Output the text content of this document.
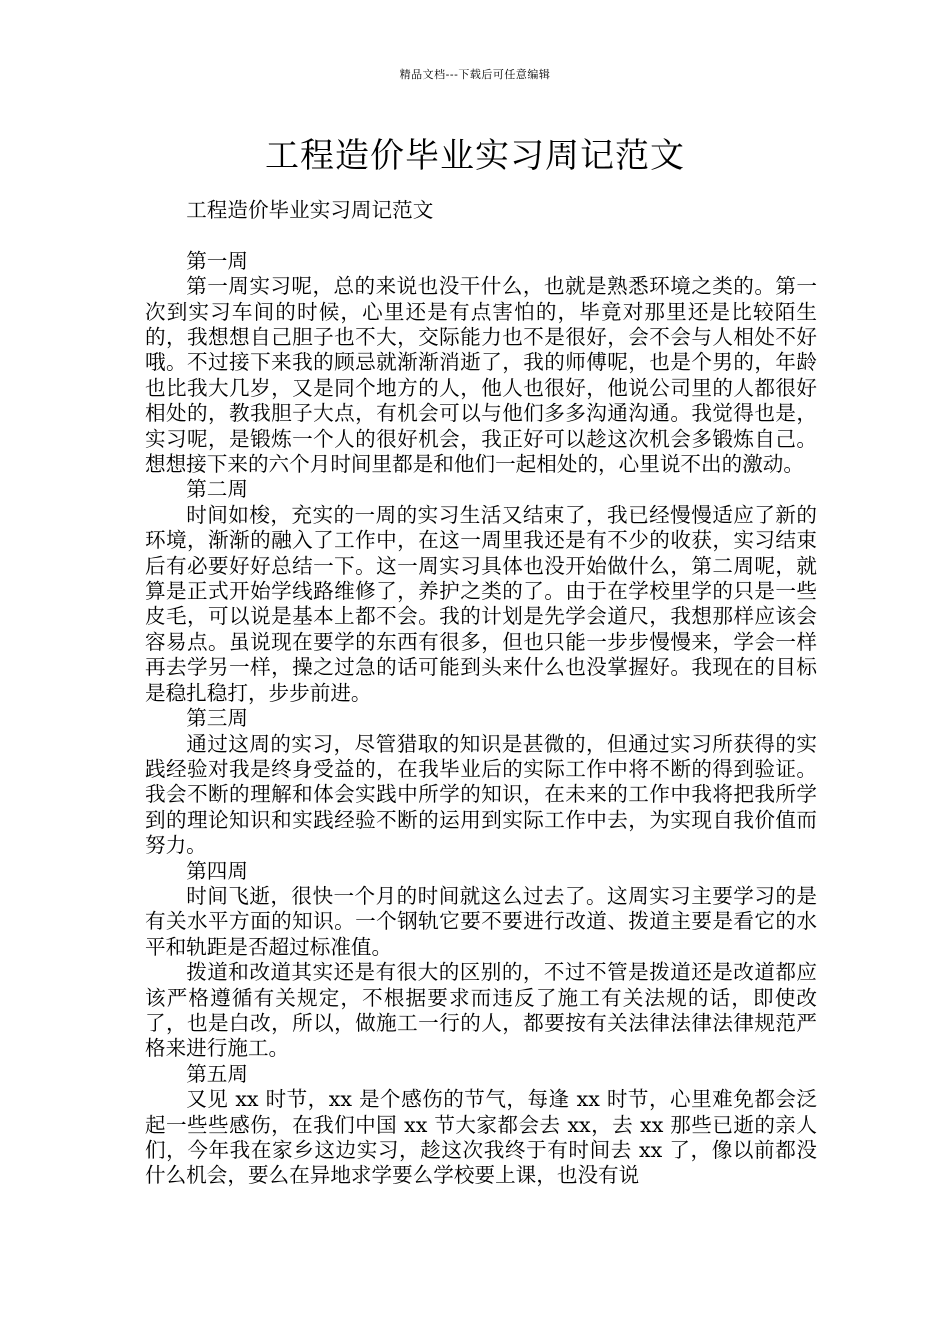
精品文档---下载后可任意编辑
工程造价毕业实习周记范文

工程造价毕业实习周记范文

第一周

第一周实习呢，总的来说也没干什么，也就是熟悉环境之类的。第一次到实习车间的时候，心里还是有点害怕的，毕竟对那里还是比较陌生的，我想想自己胆子也不大，交际能力也不是很好，会不会与人相处不好哦。不过接下来我的顾忌就渐渐消逝了，我的师傅呢，也是个男的，年龄也比我大几岁，又是同个地方的人，他人也很好，他说公司里的人都很好相处的，教我胆子大点，有机会可以与他们多多沟通沟通。我觉得也是，实习呢，是锻炼一个人的很好机会，我正好可以趁这次机会多锻炼自己。想想接下来的六个月时间里都是和他们一起相处的，心里说不出的激动。

第二周

时间如梭，充实的一周的实习生活又结束了，我已经慢慢适应了新的环境，渐渐的融入了工作中，在这一周里我还是有不少的收获，实习结束后有必要好好总结一下。这一周实习具体也没开始做什么，第二周呢，就算是正式开始学线路维修了，养护之类的了。由于在学校里学的只是一些皮毛，可以说是基本上都不会。我的计划是先学会道尺，我想那样应该会容易点。虽说现在要学的东西有很多，但也只能一步步慢慢来，学会一样再去学另一样，操之过急的话可能到头来什么也没掌握好。我现在的目标是稳扎稳打，步步前进。

第三周

通过这周的实习，尽管猎取的知识是甚微的，但通过实习所获得的实践经验对我是终身受益的，在我毕业后的实际工作中将不断的得到验证。我会不断的理解和体会实践中所学的知识，在未来的工作中我将把我所学到的理论知识和实践经验不断的运用到实际工作中去，为实现自我价值而努力。

第四周

时间飞逝，很快一个月的时间就这么过去了。这周实习主要学习的是有关水平方面的知识。一个钢轨它要不要进行改道、拨道主要是看它的水平和轨距是否超过标准值。

拨道和改道其实还是有很大的区别的，不过不管是拨道还是改道都应该严格遵循有关规定，不根据要求而违反了施工有关法规的话，即使改了，也是白改，所以，做施工一行的人，都要按有关法律法律法律规范严格来进行施工。

第五周

又见 xx 时节，xx 是个感伤的节气，每逢 xx 时节，心里难免都会泛起一些些感伤，在我们中国 xx 节大家都会去 xx，去 xx 那些已逝的亲人们，今年我在家乡这边实习，趁这次我终于有时间去 xx 了，像以前都没什么机会，要么在异地求学要么学校要上课，也没有说
